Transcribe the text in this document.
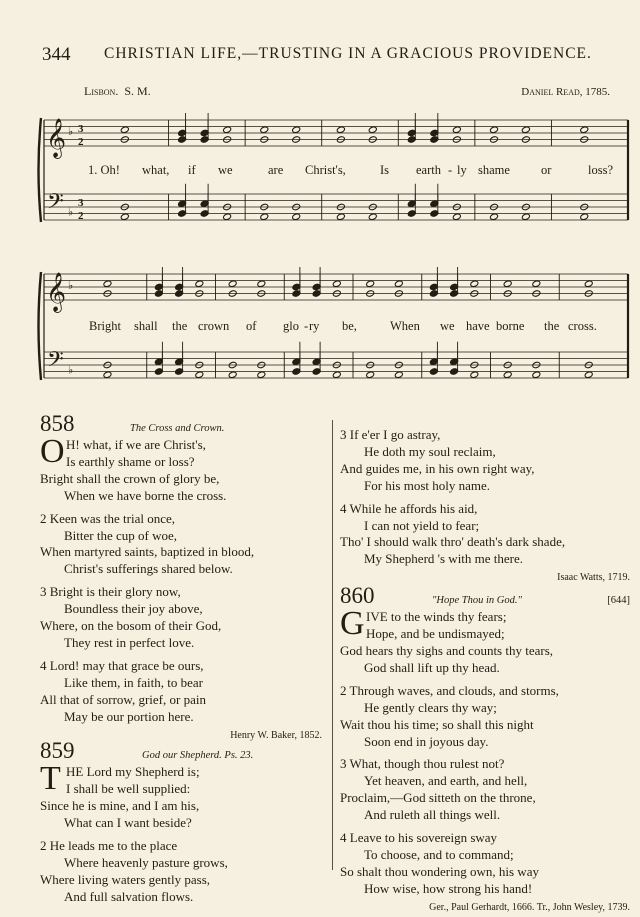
344 CHRISTIAN LIFE,—TRUSTING IN A GRACIOUS PROVIDENCE.
Lisbon. S. M.	Daniel Read, 1785.
𝄞
𝄢
♭
♭
3
2
3
2
𝄞
𝄢
♭
♭
1. Oh! what, if we	are Christ's,	Is earth - ly shame or	loss?
Bright shall the crown of glo - ry be,	When we have borne the cross.
858	The Cross and Crown.
O H! what, if we are Christ's,
Is earthly shame or loss?
Bright shall the crown of glory be,
When we have borne the cross.
2 Keen was the trial once,
Bitter the cup of woe,
When martyred saints, baptized in blood,
Christ's sufferings shared below.
3 Bright is their glory now,
Boundless their joy above,
Where, on the bosom of their God,
They rest in perfect love.
4 Lord! may that grace be ours,
Like them, in faith, to bear
All that of sorrow, grief, or pain
May be our portion here.
Henry W. Baker, 1852.
859	God our Shepherd. Ps. 23.
T HE Lord my Shepherd is;
I shall be well supplied:
Since he is mine, and I am his,
What can I want beside?
2 He leads me to the place
Where heavenly pasture grows,
Where living waters gently pass,
And full salvation flows.
3 If e'er I go astray,
He doth my soul reclaim,
And guides me, in his own right way,
For his most holy name.
4 While he affords his aid,
I can not yield to fear;
Tho' I should walk thro' death's dark shade,
My Shepherd 's with me there.
Isaac Watts, 1719.
860	"Hope Thou in God."	[644]
G IVE to the winds thy fears;
Hope, and be undismayed;
God hears thy sighs and counts thy tears,
God shall lift up thy head.
2 Through waves, and clouds, and storms,
He gently clears thy way;
Wait thou his time; so shall this night
Soon end in joyous day.
3 What, though thou rulest not?
Yet heaven, and earth, and hell,
Proclaim,—God sitteth on the throne,
And ruleth all things well.
4 Leave to his sovereign sway
To choose, and to command;
So shalt thou wondering own, his way
How wise, how strong his hand!
Ger., Paul Gerhardt, 1666. Tr., John Wesley, 1739.
